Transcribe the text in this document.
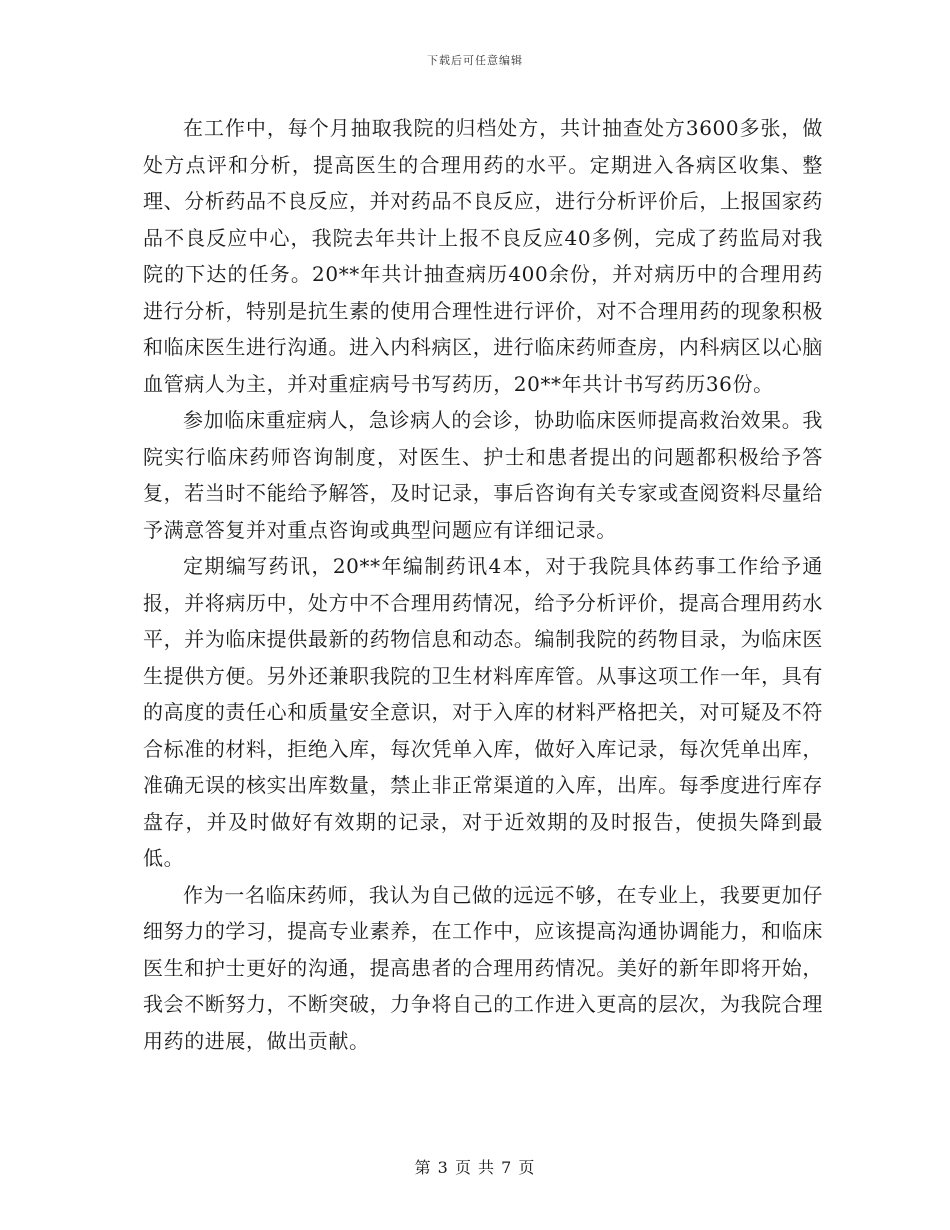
下载后可任意编辑

在工作中，每个月抽取我院的归档处方，共计抽查处方3600多张，做处方点评和分析，提高医生的合理用药的水平。定期进入各病区收集、整理、分析药品不良反应，并对药品不良反应，进行分析评价后，上报国家药品不良反应中心，我院去年共计上报不良反应40多例，完成了药监局对我院的下达的任务。20**年共计抽查病历400余份，并对病历中的合理用药进行分析，特别是抗生素的使用合理性进行评价，对不合理用药的现象积极和临床医生进行沟通。进入内科病区，进行临床药师查房，内科病区以心脑血管病人为主，并对重症病号书写药历，20**年共计书写药历36份。

参加临床重症病人，急诊病人的会诊，协助临床医师提高救治效果。我院实行临床药师咨询制度，对医生、护士和患者提出的问题都积极给予答复，若当时不能给予解答，及时记录，事后咨询有关专家或查阅资料尽量给予满意答复并对重点咨询或典型问题应有详细记录。

定期编写药讯，20**年编制药讯4本，对于我院具体药事工作给予通报，并将病历中，处方中不合理用药情况，给予分析评价，提高合理用药水平，并为临床提供最新的药物信息和动态。编制我院的药物目录，为临床医生提供方便。另外还兼职我院的卫生材料库库管。从事这项工作一年，具有的高度的责任心和质量安全意识，对于入库的材料严格把关，对可疑及不符合标准的材料，拒绝入库，每次凭单入库，做好入库记录，每次凭单出库，准确无误的核实出库数量，禁止非正常渠道的入库，出库。每季度进行库存盘存，并及时做好有效期的记录，对于近效期的及时报告，使损失降到最低。

作为一名临床药师，我认为自己做的远远不够，在专业上，我要更加仔细努力的学习，提高专业素养，在工作中，应该提高沟通协调能力，和临床医生和护士更好的沟通，提高患者的合理用药情况。美好的新年即将开始，我会不断努力，不断突破，力争将自己的工作进入更高的层次，为我院合理用药的进展，做出贡献。

第 3 页 共 7 页
